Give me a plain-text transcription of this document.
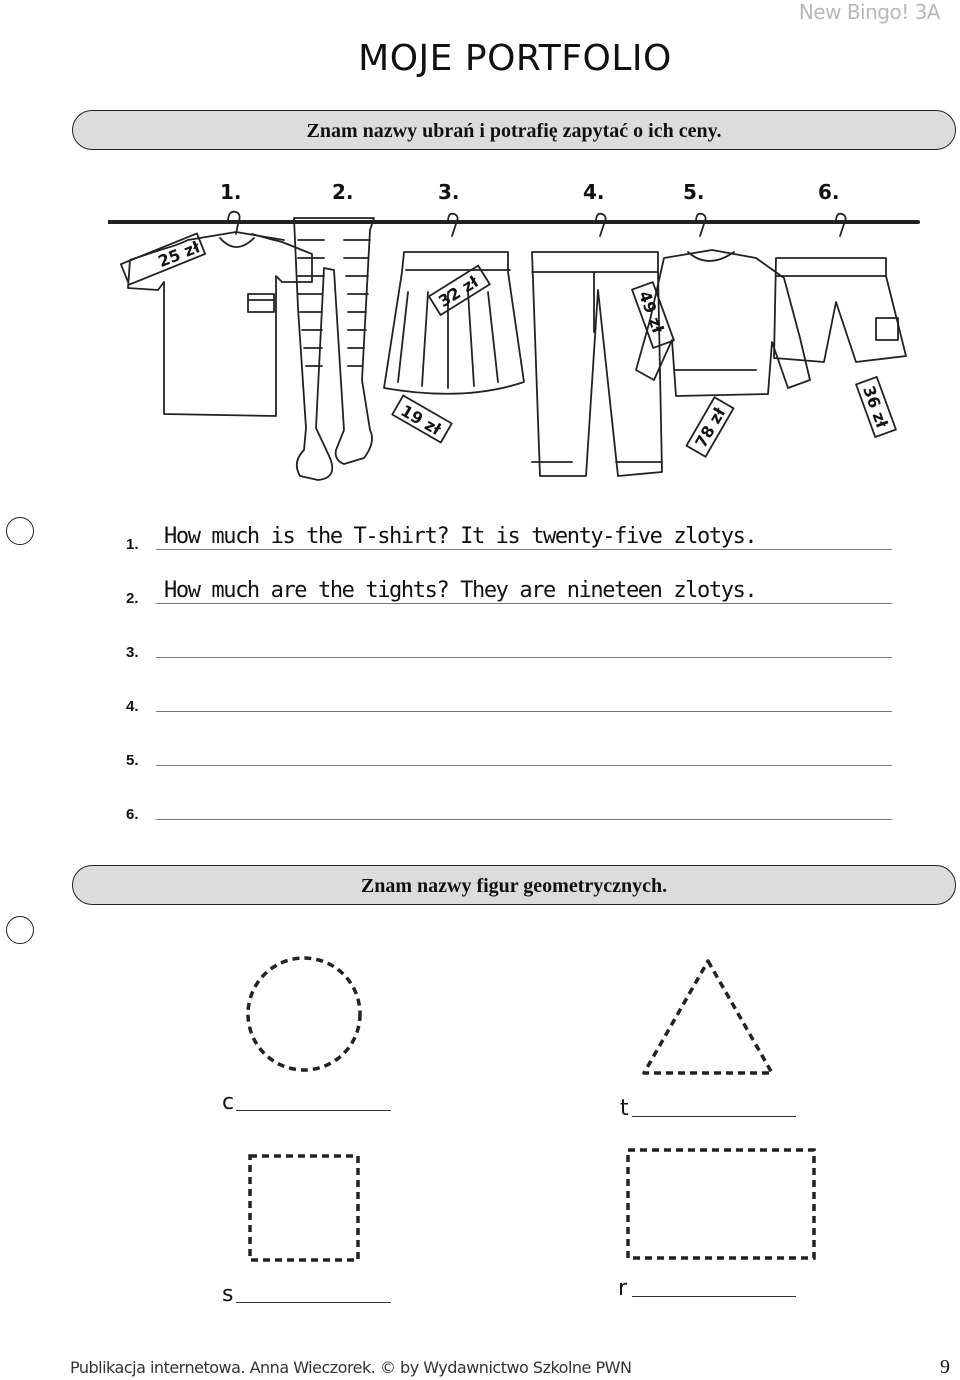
New Bingo! 3A
MOJE PORTFOLIO
Znam nazwy ubrań i potrafię zapytać o ich ceny.
1.	2.	3.	4.	5.	6.
25 zł
19 zł
32 zł	49 zł
78 zł	36 zł
1. How much is the T-shirt? It is twenty-five zlotys.
2. How much are the tights? They are nineteen zlotys.
3.
4.
5.
6.
Znam nazwy figur geometrycznych.
c	t
s	r
Publikacja internetowa. Anna Wieczorek. © by Wydawnictwo Szkolne PWN	9
